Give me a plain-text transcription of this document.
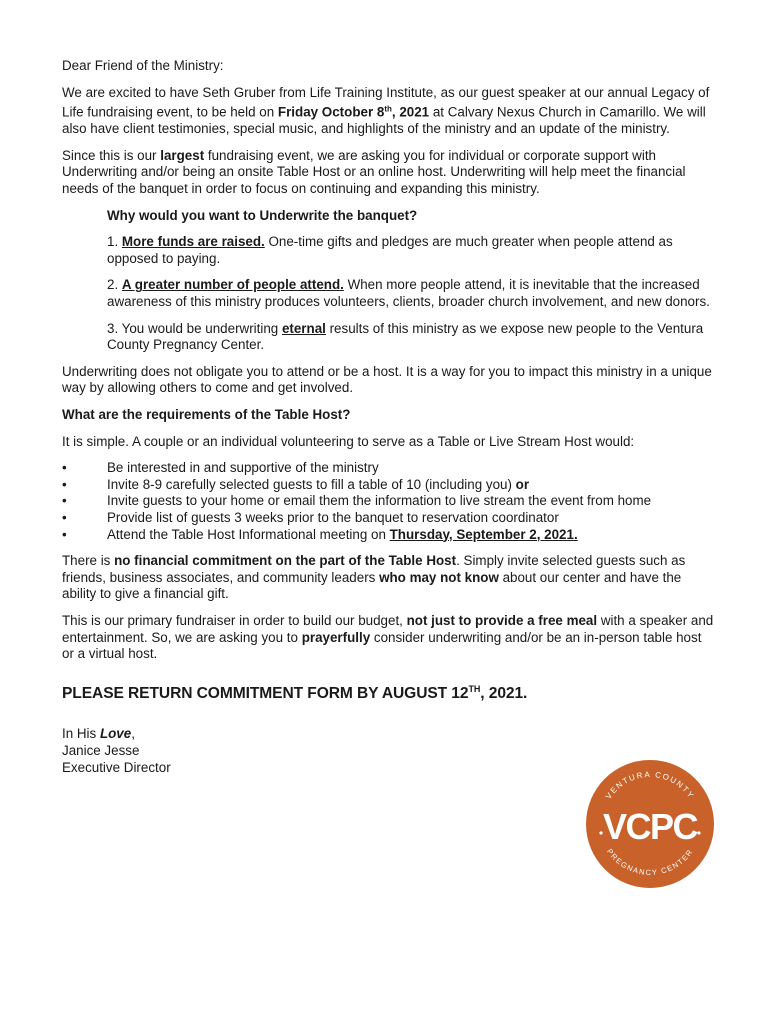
Dear Friend of the Ministry:

We are excited to have Seth Gruber from Life Training Institute, as our guest speaker at our annual Legacy of Life fundraising event, to be held on Friday October 8th, 2021 at Calvary Nexus Church in Camarillo. We will also have client testimonies, special music, and highlights of the ministry and an update of the ministry.

Since this is our largest fundraising event, we are asking you for individual or corporate support with Underwriting and/or being an onsite Table Host or an online host. Underwriting will help meet the financial needs of the banquet in order to focus on continuing and expanding this ministry.

Why would you want to Underwrite the banquet?

1. More funds are raised. One-time gifts and pledges are much greater when people attend as opposed to paying.

2. A greater number of people attend. When more people attend, it is inevitable that the increased awareness of this ministry produces volunteers, clients, broader church involvement, and new donors.

3. You would be underwriting eternal results of this ministry as we expose new people to the Ventura County Pregnancy Center.

Underwriting does not obligate you to attend or be a host. It is a way for you to impact this ministry in a unique way by allowing others to come and get involved.

What are the requirements of the Table Host?

It is simple. A couple or an individual volunteering to serve as a Table or Live Stream Host would:

• Be interested in and supportive of the ministry
• Invite 8-9 carefully selected guests to fill a table of 10 (including you) or
• Invite guests to your home or email them the information to live stream the event from home
• Provide list of guests 3 weeks prior to the banquet to reservation coordinator
• Attend the Table Host Informational meeting on Thursday, September 2, 2021.

There is no financial commitment on the part of the Table Host. Simply invite selected guests such as friends, business associates, and community leaders who may not know about our center and have the ability to give a financial gift.

This is our primary fundraiser in order to build our budget, not just to provide a free meal with a speaker and entertainment. So, we are asking you to prayerfully consider underwriting and/or be an in-person table host or a virtual host.

PLEASE RETURN COMMITMENT FORM BY AUGUST 12TH, 2021.

In His Love,

Janice Jesse

Executive Director

VENTURA COUNTY
VCPC
PREGNANCY CENTER
